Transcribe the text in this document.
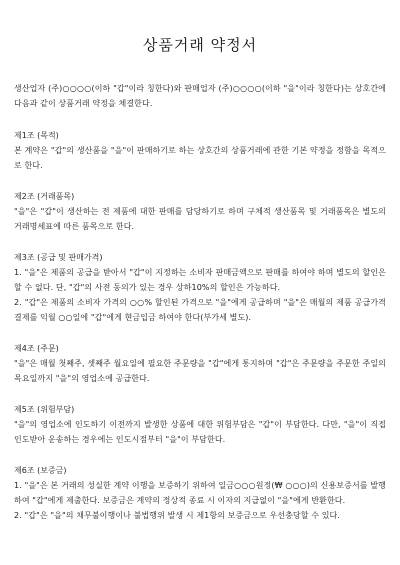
상품거래 약정서

생산업자 (주)○○○○(이하 "갑"이라 칭한다)와 판매업자 (주)○○○○(이하 "을"이라 칭한다)는 상호간에 다음과 같이 상품거래 약정을 체결한다.

제1조 (목적)

본 계약은 "갑"의 생산품을 "을"이 판매하기로 하는 상호간의 상품거래에 관한 기본 약정을 정함을 목적으로 한다.

제2조 (거래품목)

"을"은 "갑"이 생산하는 전 제품에 대한 판매를 담당하기로 하며 구체적 생산품목 및 거래품목은 별도의 거래명세표에 따른 품목으로 한다.

제3조 (공급 및 판매가격)

1. "을"은 제품의 공급을 받아서 "갑"이 지정하는 소비자 판매금액으로 판매를 하여야 하며 별도의 할인은 할 수 없다. 단, "갑"의 사전 동의가 있는 경우 상하10%의 할인은 가능하다.

2. "갑"은 제품의 소비자 가격의 ○○% 할인된 가격으로 "을"에게 공급하며 "을"은 매월의 제품 공급가격 결제를 익월 ○○일에 "갑"에게 현금입금 하여야 한다(부가세 별도).

제4조 (주문)

"을"은 매월 첫째주, 셋째주 월요일에 필요한 주문량을 "갑"에게 통지하며 "갑"은 주문량을 주문한 주일의 목요일까지 "을"의 영업소에 공급한다.

제5조 (위험부담)

"을"의 영업소에 인도하기 이전까지 발생한 상품에 대한 위험부담은 "갑"이 부담한다. 다만, "을"이 직접 인도받아 운송하는 경우에는 인도시점부터 "을"이 부담한다.

제6조 (보증금)

1. "을"은 본 거래의 성실한 계약 이행을 보증하기 위하여 일금○○○원정(₩ ○○○)의 신용보증서를 발행하여 "갑"에게 제출한다. 보증금은 계약의 정상적 종료 시 이자의 지급없이 "을"에게 반환한다.

2. "갑"은 "을"의 채무불이행이나 불법행위 발생 시 제1항의 보증금으로 우선충당할 수 있다.
